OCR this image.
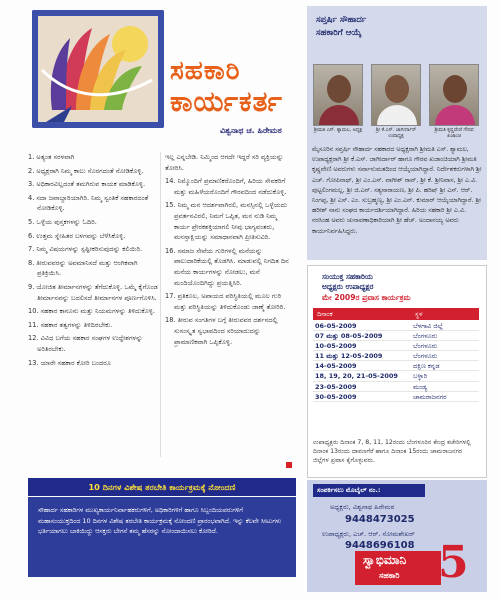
ಸಹಕಾರಿ
ಕಾರ್ಯಕರ್ತ
ವಿಶ್ವನಾಥ ಚ. ಹಿರೇಮಠ
1. ಅತ್ಯಂತ ಸರಳವಾಗಿ
2. ಅಧ್ಯಕ್ಷರಾಗಿ ನಿಮ್ಮ ಕಾಲು ಸೊರಗದಂತೆ ನೋಡಿಕೊಳ್ಳಿ.
3. ಅಧಿಕಾರವಿಲ್ಲದಂತೆ ತಮಗಿರುವ ಕಾಯಕ ಮಾಡಿಕೊಳ್ಳಿ.
4. ಸದಾ ಜವಾಬ್ದಾರಿಯಾಗಿರಿ. ನಿಮ್ಮ ಸ್ವಂತಿಕೆ ಸಹಕಾರದಂತೆ ನೋಡಿಕೊಳ್ಳಿ.
5. ಒಳ್ಳೆಯ ಪುಸ್ತಕಗಳನ್ನು ಓದಿರಿ.
6. ಉತ್ತಮ ಸ್ನೇಹಿತರ ಬಳಗವನ್ನು ಬೆಳೆಸಿಕೊಳ್ಳಿ.
7. ನಿಮ್ಮ ವಿಷಯಗಳನ್ನು ಸ್ಪಷ್ಟೀಕರಿಸುವುದನ್ನು ಕಲಿಯಿರಿ.
8. ತೀರುವವರನ್ನು ಅವಮಾನಿಸದೆ ಮತ್ತು ಆಂಗಿಕವಾಗಿ ಪ್ರತಿಕ್ರಿಯಿಸಿ.
9. ಯೋಜಿತ ತೀರ್ಮಾನಗಳನ್ನು ತೆಗೆದುಕೊಳ್ಳಿ. ಒಮ್ಮೆ ಕೈಗೊಂಡ ತೀರ್ಮಾನವನ್ನು ಬದಲಿಸದೆ ತೀರ್ಮಾನಗಳ ಪೂರ್ಣಗೊಳಿಸಿ.
10. ಸಹಕಾರ ಕಾನೂನು ಮತ್ತು ನಿಯಮಗಳನ್ನು ತಿಳಿದುಕೊಳ್ಳಿ.
11. ಸಹಕಾರ ತತ್ವಗಳನ್ನು ತಿಳಿದಿರಬೇಕು.
12. ವಿವಿಧ ಬಗೆಯ ಸಹಕಾರ ಸಂಘಗಳ ಉದ್ದೇಶಗಳನ್ನು ಅರಿತಿರಬೇಕು.
13. ಯಾರೇ ಸಹಕಾರ ಕೋರಿ ಬಂದರೂ

ಇಲ್ಲ ಎನ್ನಬೇಡಿ. ನಿಮ್ಮಿಂದ ಆಗದೇ ಇದ್ದರೆ ಸರಿ ವ್ಯಕ್ತಿಯನ್ನು ತೋರಿಸಿ.

14. ನಿಮ್ಮೊಂದಿಗೆ ಪ್ರಮಾಣಿಕರೊಂದಿಗೆ, ಹಿರಿಯ ಸೇವಕರಿಗೆ ಮತ್ತು ಮಹಿಳೆಯರೊಂದಿಗೆ ಗೌರವದಿಂದ ನಡೆದುಕೊಳ್ಳಿ.
15. ನಿಮ್ಮ ಮನ ಆದರ್ಶವಾಗಿರಲಿ, ಮನಸ್ಸಿನಲ್ಲಿ ಒಳ್ಳೆಯದು ಪ್ರವರ್ತನವಿರಲಿ, ನಿಮಗೆ ಒಪ್ಪಿತ, ಮನ ನುಡಿ ನಿಮ್ಮ ಕಾರ್ಯ ಪ್ರೇರಕಶಕ್ತಿಯಾಗಲಿ ನೀವು ಭಾಗ್ಯವಂತರು, ಮನಸ್ಸಾಕ್ಷಿಯನ್ನು ಸಮಾಧಾನವಾಗಿ ಪ್ರೀತಿಸುವಿರಿ.
16. ಸಮಾಜ ಸೇವೆಯ ಗುರಿಗಳಲ್ಲಿ ಮನೆಯನ್ನು ಪಾಲುದಾರಿಕೆಯಲ್ಲಿ ತೊಡಗಿಸಿ. ಮಾಡುವಲ್ಲಿ ನಿಗದಿತ ದಿನ ಮನೆಯ ಕಾರ್ಯಗಳನ್ನು ನೋಡಲು, ಮನೆ ಮಂದಿಯೊಂದಿಗಿದ್ದು ಪ್ರಯತ್ನಿಸಿರಿ.
17. ಪ್ರತಿಕೂಲ, ಅಪಾಯದ ಪರಿಸ್ಥಿತಿಯಲ್ಲಿ ಮೂಲ ಗುರಿ ಮತ್ತು ಪರಿಸ್ಥಿತಿಯನ್ನು ತಿಳಿದುಕೊಂಡು ಜಾಣ್ಮೆ ತೋರಿರಿ.
18. ತೀರುವ ಸಂಗತಿಗಳ ಬಗ್ಗೆ ತೀರುವವರ ದರ್ಶನದಲ್ಲಿ ಸುಸಂಸ್ಕೃತ ಸ್ವಭಾವದಿಂದ ಸರಿಯಾದುದನ್ನು ಪ್ರಾಮಾಣಿಕವಾಗಿ ಒಪ್ಪಿಕೊಳ್ಳಿ.
ಸಪ್ತರ್ಷಿ ಸೌಹಾರ್ದ
ಸಹಕಾರಿಗೆ ಆಯ್ಕೆ
ಶ್ರೀಮತಿ ಎಸ್. ಶ್ಯಾಮಲ, ಅಧ್ಯಕ್ಷ	ಶ್ರೀ ಕೆ.ಎಸ್. ಜಾಗೀರ್ದಾರ್ ಉಪಾಧ್ಯಕ್ಷ
ಶ್ರೀಮತಿ ಕೃಷ್ಣವೇಣಿ ಗೌರವ ಖಜಾಂಚಿ
ಮೈಸೂರಿನ ಸಪ್ತರ್ಷಿ ಸೌಹಾರ್ದ ಸಹಕಾರದ ಅಧ್ಯಕ್ಷರಾಗಿ ಶ್ರೀಮತಿ ಎಸ್. ಶ್ಯಾಮಲ, ಉಪಾಧ್ಯಕ್ಷರಾಗಿ ಶ್ರೀ ಕೆ.ಎಸ್. ಜಾಗೀರ್ದಾರ್ ಹಾಗೂ ಗೌರವ ಖಜಾಂಚಿಯಾಗಿ ಶ್ರೀಮತಿ ಕೃಷ್ಣವೇಣಿ ಅವರುಗಳು ಸರ್ವಾನುಮತದಿಂದ ಆಯ್ಕೆಯಾಗಿದ್ದಾರೆ. ನಿರ್ದೇಶಕರುಗಳಾಗಿ ಶ್ರೀ ಎಚ್. ಗೋಪಿನಾಥ್, ಶ್ರೀ ಎಂ.ಎಸ್. ವಾಗೀಶ್‌ ರಾವ್, ಶ್ರೀ ಕೆ. ಶ್ರೀನಿವಾಸ, ಶ್ರೀ ಎ.ವಿ. ಪುಟ್ಟಲಿಂಗಮಲ್ಲ, ಶ್ರೀ ಜಿ.ಎನ್. ಸತ್ಯನಾರಾಯಣ, ಶ್ರೀ ಪಿ. ಹರಿಷ್‌ ಶ್ರೀ ಎಸ್. ಆರ್. ನಿಂಗಪ್ಪ, ಶ್ರೀ ಎಸ್. ಎಂ. ಸುಬ್ರಹ್ಮಣ್ಯ, ಶ್ರೀ ಎಂ.ಎನ್. ಕುಮಾರ್ ಆಯ್ಕೆಯಾಗಿದ್ದಾರೆ. ಶ್ರೀ ಹರೀಶ್‌ ನಾನು ಸಂಘದ ಕಾರ್ಯದರ್ಶಿಯಾಗಿದ್ದಾರೆ. ಹಿರಿಯ ಸಹಕಾರಿ ಶ್ರೀ ಎ.ವಿ. ನರಸಿಂಹ ಅವರು ಚುನಾವಣಾಧಿಕಾರಿಯಾಗಿ ಶ್ರೀ ಹೆಚ್. ಅಂದಾನಯ್ಯ ಅವರು ಕಾರ್ಯನಿರ್ವಹಿಸಿದ್ದರು.
ಸಂಯುಕ್ತ ಸಹಕಾರಿಯ
ಅಧ್ಯಕ್ಷರು ಉಪಾಧ್ಯಕ್ಷರ
ಮೇ 2009ರ ಪ್ರವಾಸ ಕಾರ್ಯಕ್ರಮ
ದಿನಾಂಕ	ಸ್ಥಳ
06-05-2009	ಬೆಳಗಾವಿ ಜಿಲ್ಲೆ
07 ಮತ್ತು 08-05-2009	ಬೆಂಗಳೂರು
10-05-2009	ಬೆಂಗಳೂರು
11 ಮತ್ತು 12-05-2009	ಬೆಂಗಳೂರು
14-05-2009	ದಕ್ಷಿಣ ಕನ್ನಡ
18, 19, 20, 21-05-2009 ಬಳ್ಳಾರಿ
23-05-2009	ಮಂಡ್ಯ
30-05-2009	ಚಾಮರಾಜನಗರ
ಉಪಾಧ್ಯಕ್ಷರು ದಿನಾಂಕ 7, 8, 11, 12ರಂದು ಬೆಂಗಳೂರಿನ ಕೇಂದ್ರ ಕಚೇರಿಗಳಲ್ಲಿ ದಿನಾಂಕ 13ರಂದು ದಾವಣಗೆರೆ ಹಾಗೂ ದಿನಾಂಕ 15ರಂದು ಚಾಮರಾಜನಗರ ಜಿಲ್ಲೆಗಳ ಪ್ರವಾಸ ಕೈಗೊಳ್ಳುವರು.
10 ದಿನಗಳ ವಿಶೇಷ ತರಬೇತಿ ಕಾರ್ಯಕ್ರಮಕ್ಕೆ ನೋಂದಣಿ
ಸೌಹಾರ್ದ ಸಹಕಾರಿಗಳ ಮುಖ್ಯಕಾರ್ಯನಿರ್ವಾಹಕರುಗಳಿಗೆ, ಅಧಿಕಾರಿಗಳಿಗೆ ಹಾಗೂ ಸಿಬ್ಬಂದಿಯವರುಗಳಿಗೆ ಮಹಾಸಂಯುಕ್ತದಿಂದ 10 ದಿನಗಳ ವಿಶೇಷ ತರಬೇತಿ ಕಾರ್ಯಕ್ರಮಕ್ಕೆ ನೋಂದಣಿ ಪ್ರಾರಂಭವಾಗಿದೆ. ಇನ್ನು ಕೆಲವೇ ಸೀಟುಗಳು ಭರ್ತಿಯಾಗಲು ಬಾಕಿಯಿದ್ದು ಆಸಕ್ತರು ಬೇಗನೆ ತಮ್ಮ ಹೆಸರನ್ನು ನೋಂದಾಯಿಸಲು ಕೋರಿದೆ.
ಸಂಪರ್ಕಿಸಲು ಮೊಬೈಲ್ ನಂ.:
ಅಧ್ಯಕ್ಷರು, ವಿಶ್ವನಾಥ ಹಿರೇಮಠ
9448473025
ಉಪಾಧ್ಯಕ್ಷರು, ಎಚ್. ಆರ್. ಸೋಮಶೇಖರ್
9448696108
ಸ್ವಾಭಿಮಾನಿ
ಸಹಕಾರಿ 5
